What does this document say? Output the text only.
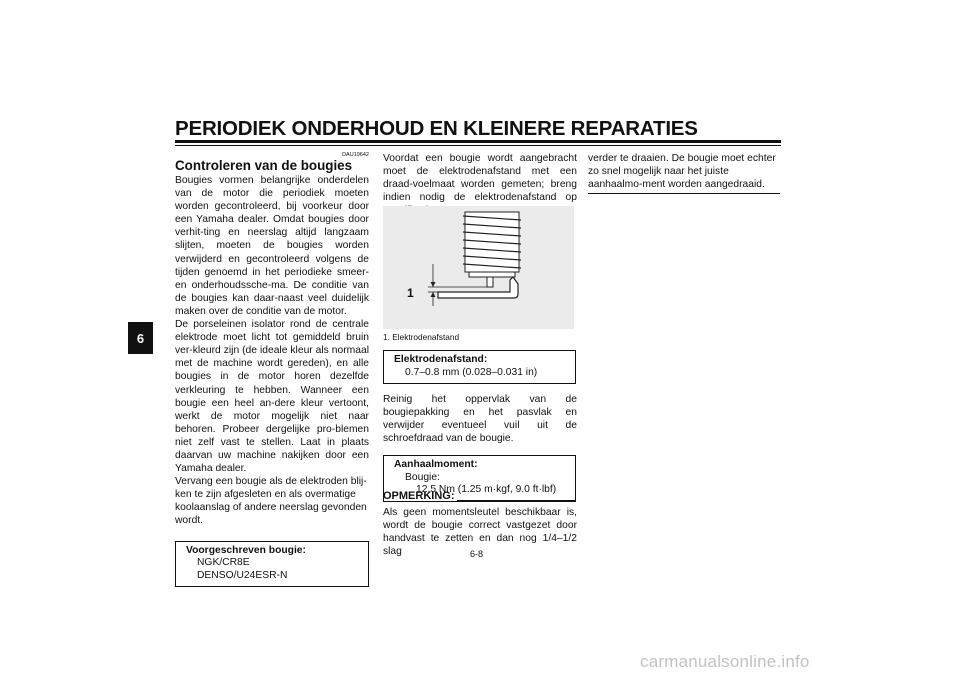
PERIODIEK ONDERHOUD EN KLEINERE REPARATIES
6
DAU19642
Controleren van de bougies

Bougies vormen belangrijke onderdelen van de motor die periodiek moeten worden gecontroleerd, bij voorkeur door een Yamaha dealer. Omdat bougies door verhit-ting en neerslag altijd langzaam slijten, moeten de bougies worden verwijderd en gecontroleerd volgens de tijden genoemd in het periodieke smeer- en onderhoudssche-ma. De conditie van de bougies kan daar-naast veel duidelijk maken over de conditie van de motor.

De porseleinen isolator rond de centrale elektrode moet licht tot gemiddeld bruin ver-kleurd zijn (de ideale kleur als normaal met de machine wordt gereden), en alle bougies in de motor horen dezelfde verkleuring te hebben. Wanneer een bougie een heel an-dere kleur vertoont, werkt de motor mogelijk niet naar behoren. Probeer dergelijke pro-blemen niet zelf vast te stellen. Laat in plaats daarvan uw machine nakijken door een Yamaha dealer.

Vervang een bougie als de elektroden blij-ken te zijn afgesleten en als overmatige koolaanslag of andere neerslag gevonden wordt.

Voorgeschreven bougie:
NGK/CR8E
DENSO/U24ESR-N

Voordat een bougie wordt aangebracht moet de elektrodenafstand met een draad-voelmaat worden gemeten; breng indien nodig de elektrodenafstand op

1
1. Elektrodenafstand
Elektrodenafstand:
0.7–0.8 mm (0.028–0.031 in)

Reinig het oppervlak van de bougiepakking en het pasvlak en verwijder eventueel vuil uit de schroefdraad van de bougie.

Aanhaalmoment:
Bougie:
12.5 Nm (1.25 m·kgf, 9.0 ft·lbf)
OPMERKING:

Als geen momentsleutel beschikbaar is, wordt de bougie correct vastgezet door handvast te zetten en dan nog 1/4–1/2 slag

verder te draaien. De bougie moet echter zo snel mogelijk naar het juiste aanhaalmo-ment worden aangedraaid.

6-8
carmanualsonline.info
